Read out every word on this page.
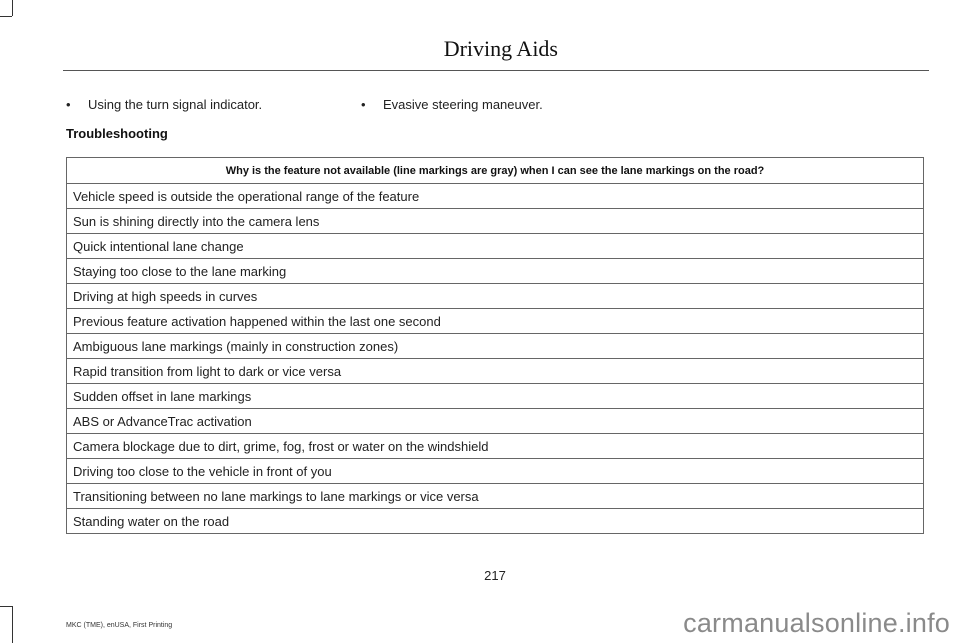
Driving Aids
• Using the turn signal indicator.	• Evasive steering maneuver.
Troubleshooting
Why is the feature not available (line markings are gray) when I can see the lane markings on the road?
Vehicle speed is outside the operational range of the feature
Sun is shining directly into the camera lens
Quick intentional lane change
Staying too close to the lane marking
Driving at high speeds in curves
Previous feature activation happened within the last one second
Ambiguous lane markings (mainly in construction zones)
Rapid transition from light to dark or vice versa
Sudden offset in lane markings
ABS or AdvanceTrac activation
Camera blockage due to dirt, grime, fog, frost or water on the windshield
Driving too close to the vehicle in front of you
Transitioning between no lane markings to lane markings or vice versa
Standing water on the road
217
MKC (TME), enUSA, First Printing	carmanualsonline.info
